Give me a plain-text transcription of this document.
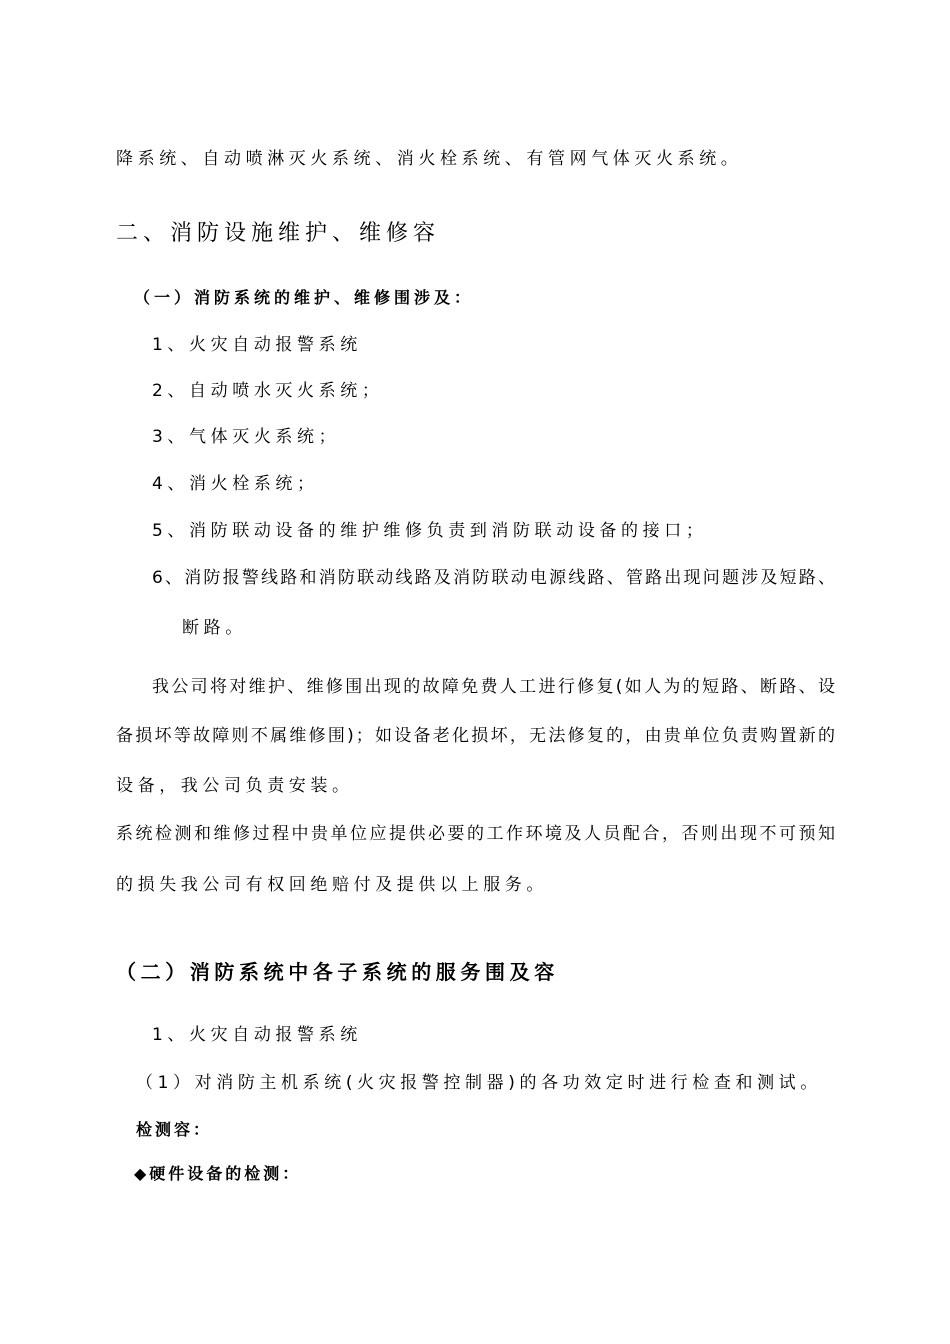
降系统、自动喷淋灭火系统、消火栓系统、有管网气体灭火系统。
二、消防设施维护、维修容
（一）消防系统的维护、维修围涉及：
1、火灾自动报警系统
2、自动喷水灭火系统；
3、气体灭火系统；
4、消火栓系统；
5、消防联动设备的维护维修负责到消防联动设备的接口；
6、消防报警线路和消防联动线路及消防联动电源线路、管路出现问题涉及短路、
断路。
我公司将对维护、维修围出现的故障免费人工进行修复(如人为的短路、断路、设
备损坏等故障则不属维修围)；如设备老化损坏，无法修复的，由贵单位负责购置新的
设备，我公司负责安装。
系统检测和维修过程中贵单位应提供必要的工作环境及人员配合，否则出现不可预知
的损失我公司有权回绝赔付及提供以上服务。
（二）消防系统中各子系统的服务围及容
1、火灾自动报警系统
（1）对消防主机系统(火灾报警控制器)的各功效定时进行检查和测试。
检测容：
◆硬件设备的检测：
